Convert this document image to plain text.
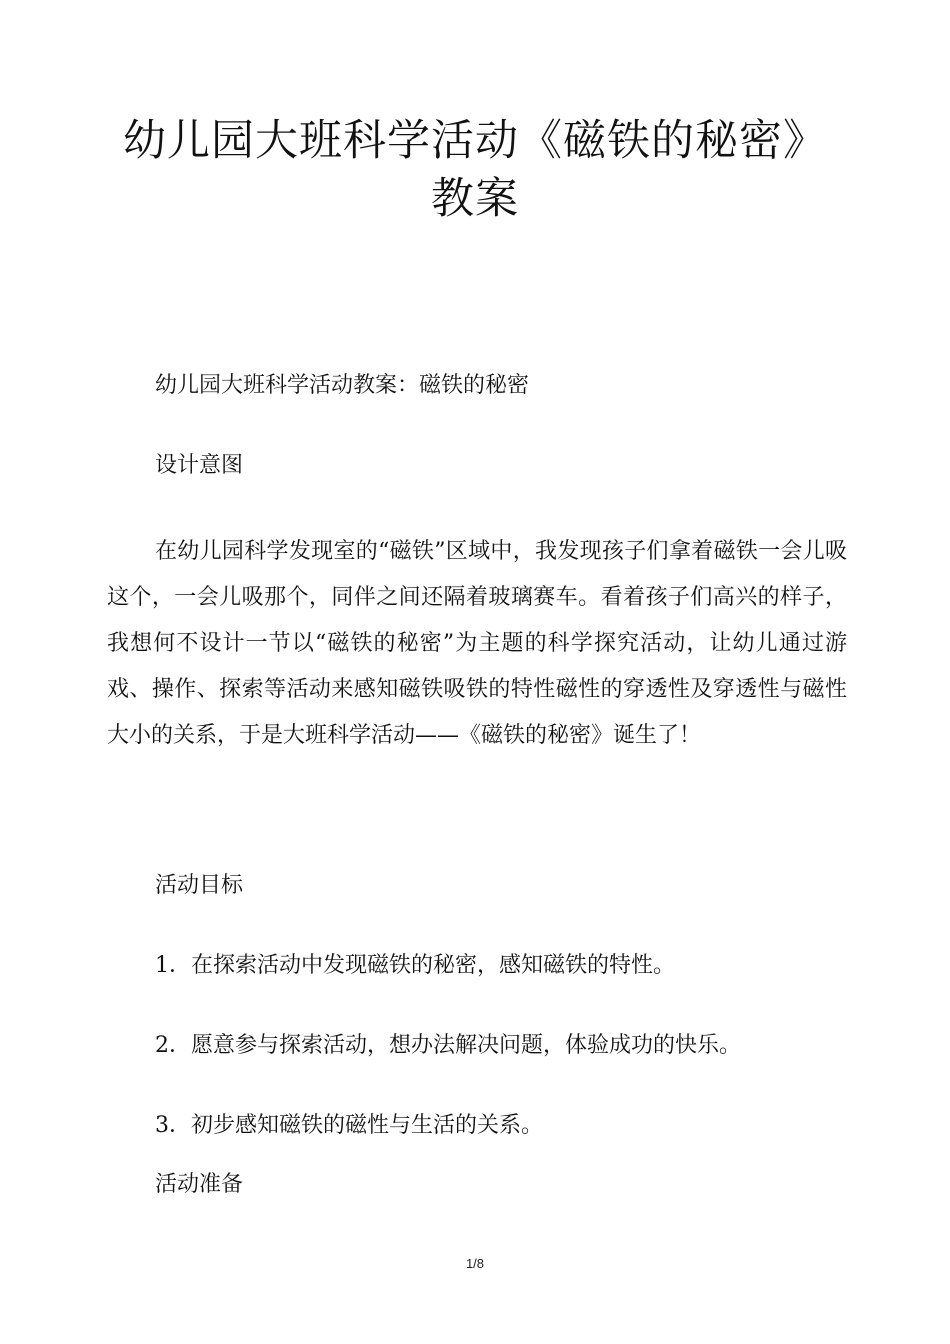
幼儿园大班科学活动《磁铁的秘密》教案

幼儿园大班科学活动教案：磁铁的秘密

设计意图

在幼儿园科学发现室的“磁铁”区域中，我发现孩子们拿着磁铁一会儿吸这个，一会儿吸那个，同伴之间还隔着玻璃赛车。看着孩子们高兴的样子，我想何不设计一节以“磁铁的秘密”为主题的科学探究活动，让幼儿通过游戏、操作、探索等活动来感知磁铁吸铁的特性磁性的穿透性及穿透性与磁性大小的关系，于是大班科学活动——《磁铁的秘密》诞生了！

活动目标

1．在探索活动中发现磁铁的秘密，感知磁铁的特性。

2．愿意参与探索活动，想办法解决问题，体验成功的快乐。

3．初步感知磁铁的磁性与生活的关系。

活动准备

1/8
